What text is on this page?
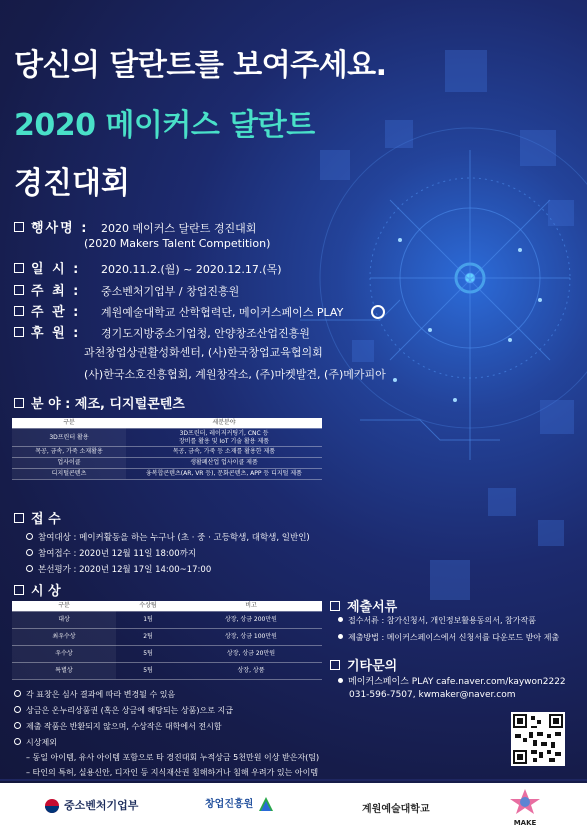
당신의 달란트를 보여주세요.
2020 메이커스 달란트
경진대회
행사명 : 2020 메이커스 달란트 경진대회
(2020 Makers Talent Competition)
일 시 : 2020.11.2.(월) ~ 2020.12.17.(목)
주 최 : 중소벤처기업부 / 창업진흥원
주 관 : 계원예술대학교 산학협력단, 메이커스페이스 PLAY
후 원 : 경기도지방중소기업청, 안양창조산업진흥원
과천창업상권활성화센터, (사)한국창업교육협의회
(사)한국소호진흥협회, 계원창작소, (주)마켓발견, (주)메카피아
분 야 : 제조, 디지털콘텐츠
구분	세분분야
3D프린터 활용	3D프린터, 레이저커팅기, CNC 등
장비를 활용 및 IoT 기술 활용 제품

목공, 금속, 가죽 소재활용	목공, 금속, 가죽 등 소재를 활용한 제품
업사이클	생활폐산업 업사이클 제품
디지털콘텐츠	융복합콘텐츠(AR, VR 등), 문화콘텐츠, APP 등 디지털 제품
접 수
참여대상 : 메이커활동을 하는 누구나 (초 · 중 · 고등학생, 대학생, 일반인)
참여접수 : 2020년 12월 11일 18:00까지
본선평가 : 2020년 12월 17일 14:00~17:00
시 상
구분	수상팀	비고
대상	1팀	상장, 상금 200만원
최우수상	2팀	상장, 상금 100만원
우수상	5팀	상장, 상금 20만원
특별상	5팀	상장, 상품
각 표창은 심사 결과에 따라 변경될 수 있음
상금은 온누리상품권 (혹은 상금에 해당되는 상품)으로 지급
제출 작품은 반환되지 않으며, 수상작은 대학에서 전시함
시상제외
– 동일 아이템, 유사 아이템 포함으로 타 경진대회 누적상금 5천만원 이상 받은자(팀)
– 타인의 특허, 실용신안, 디자인 등 지식재산권 침해하거나 침해 우려가 있는 아이템
제출서류
접수서류 : 참가신청서, 개인정보활용동의서, 참가작품
제출방법 : 메이커스페이스에서 신청서를 다운로드 받아 제출
기타문의
메이커스페이스 PLAY cafe.naver.com/kaywon2222
031-596-7507, kwmaker@naver.com
중소벤처기업부	창업진흥원	계원예술대학교
MAKE
